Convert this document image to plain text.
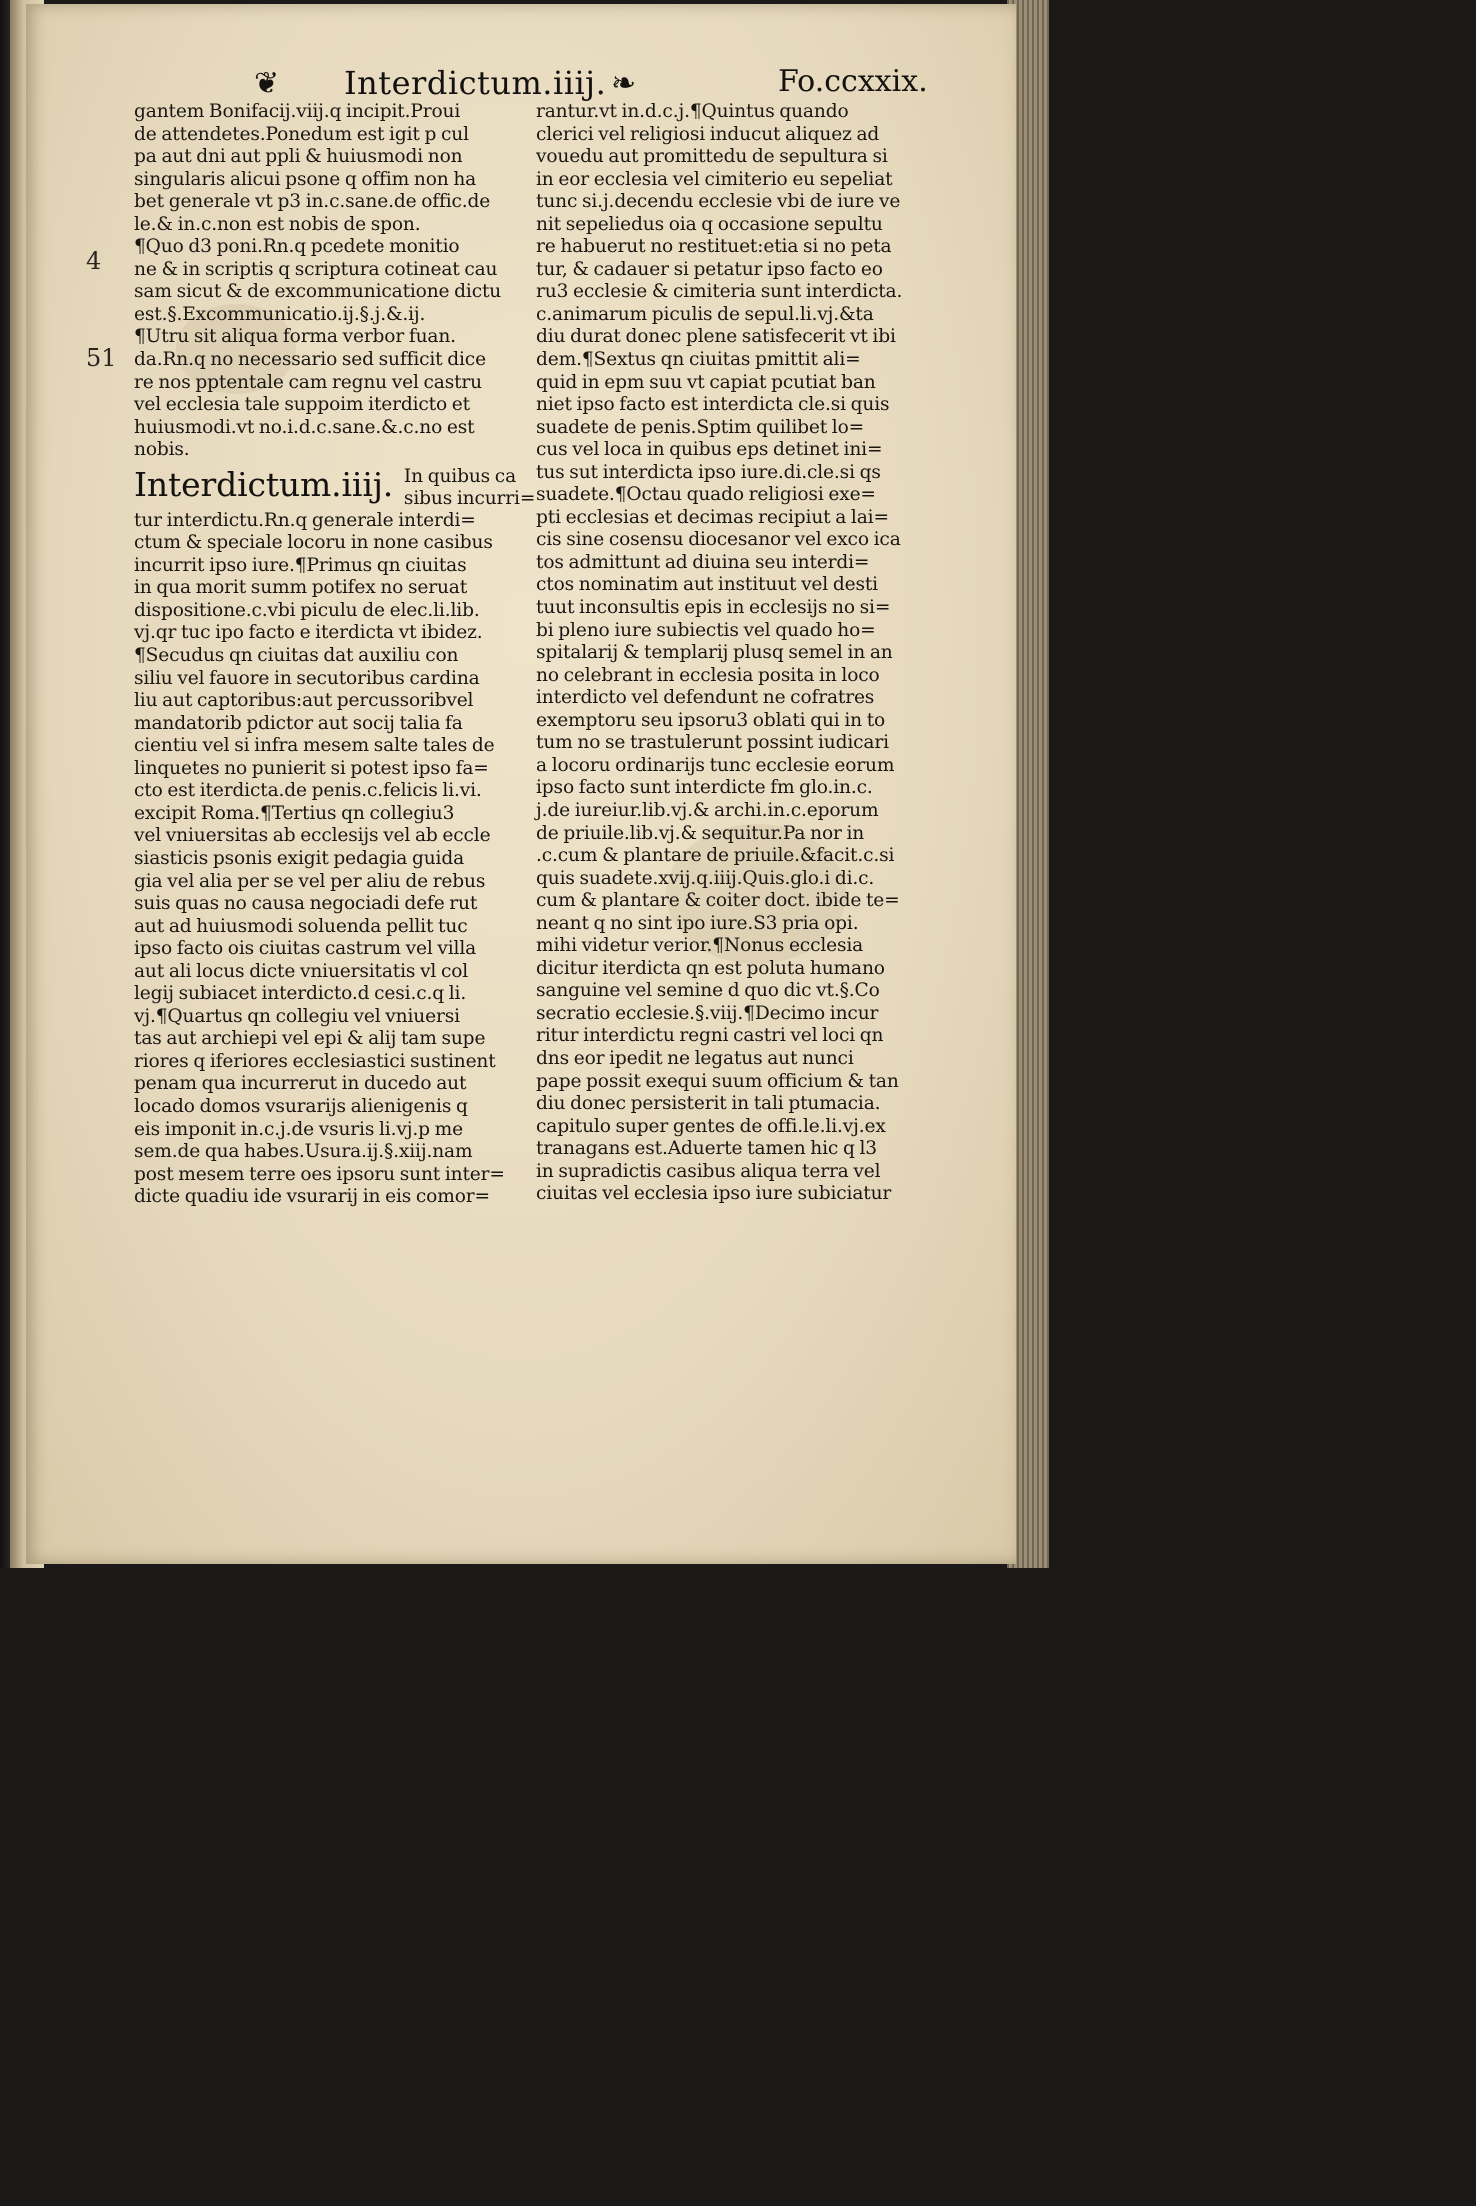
❦ Interdictum.iiij. ❧	Fo.ccxxix.
4
51

gantem Bonifacij.viij.q incipit.Proui

de attendetes.Ponedum est igit p cul

pa aut dni aut ppli & huiusmodi non

singularis alicui psone q offim non ha

bet generale vt p3 in.c.sane.de offic.de

le.& in.c.non est nobis de spon.

¶Quo d3 poni.Rn.q pcedete monitio

ne & in scriptis q scriptura cotineat cau

sam sicut & de excommunicatione dictu

est.§.Excommunicatio.ij.§.j.&.ij.

¶Utru sit aliqua forma verbor fuan.

da.Rn.q no necessario sed sufficit dice

re nos pptentale cam regnu vel castru

vel ecclesia tale suppoim iterdicto et

huiusmodi.vt no.i.d.c.sane.&.c.no est

nobis.

Interdictum.iiij. In quibus ca
sibus incurri=

tur interdictu.Rn.q generale interdi=

ctum & speciale locoru in none casibus

incurrit ipso iure.¶Primus qn ciuitas

in qua morit summ potifex no seruat

dispositione.c.vbi piculu de elec.li.lib.

vj.qr tuc ipo facto e iterdicta vt ibidez.

¶Secudus qn ciuitas dat auxiliu con

siliu vel fauore in secutoribus cardina

liu aut captoribus:aut percussoribvel

mandatorib pdictor aut socij talia fa

cientiu vel si infra mesem salte tales de

linquetes no punierit si potest ipso fa=

cto est iterdicta.de penis.c.felicis li.vi.

excipit Roma.¶Tertius qn collegiu3

vel vniuersitas ab ecclesijs vel ab eccle

siasticis psonis exigit pedagia guida

gia vel alia per se vel per aliu de rebus

suis quas no causa negociadi defe rut

aut ad huiusmodi soluenda pellit tuc

ipso facto ois ciuitas castrum vel villa

aut ali locus dicte vniuersitatis vl col

legij subiacet interdicto.d cesi.c.q li.

vj.¶Quartus qn collegiu vel vniuersi

tas aut archiepi vel epi & alij tam supe

riores q iferiores ecclesiastici sustinent

penam qua incurrerut in ducedo aut

locado domos vsurarijs alienigenis q

eis imponit in.c.j.de vsuris li.vj.p me

sem.de qua habes.Usura.ij.§.xiij.nam

post mesem terre oes ipsoru sunt inter=

dicte quadiu ide vsurarij in eis comor=

rantur.vt in.d.c.j.¶Quintus quando

clerici vel religiosi inducut aliquez ad

vouedu aut promittedu de sepultura si

in eor ecclesia vel cimiterio eu sepeliat

tunc si.j.decendu ecclesie vbi de iure ve

nit sepeliedus oia q occasione sepultu

re habuerut no restituet:etia si no peta

tur, & cadauer si petatur ipso facto eo

ru3 ecclesie & cimiteria sunt interdicta.

c.animarum piculis de sepul.li.vj.&ta

diu durat donec plene satisfecerit vt ibi

dem.¶Sextus qn ciuitas pmittit ali=

quid in epm suu vt capiat pcutiat ban

niet ipso facto est interdicta cle.si quis

suadete de penis.Sptim quilibet lo=

cus vel loca in quibus eps detinet ini=

tus sut interdicta ipso iure.di.cle.si qs

suadete.¶Octau quado religiosi exe=

pti ecclesias et decimas recipiut a lai=

cis sine cosensu diocesanor vel exco ica

tos admittunt ad diuina seu interdi=

ctos nominatim aut instituut vel desti

tuut inconsultis epis in ecclesijs no si=

bi pleno iure subiectis vel quado ho=

spitalarij & templarij plusq semel in an

no celebrant in ecclesia posita in loco

interdicto vel defendunt ne cofratres

exemptoru seu ipsoru3 oblati qui in to

tum no se trastulerunt possint iudicari

a locoru ordinarijs tunc ecclesie eorum

ipso facto sunt interdicte fm glo.in.c.

j.de iureiur.lib.vj.& archi.in.c.eporum

de priuile.lib.vj.& sequitur.Pa nor in

.c.cum & plantare de priuile.&facit.c.si

quis suadete.xvij.q.iiij.Quis.glo.i di.c.

cum & plantare & coiter doct. ibide te=

neant q no sint ipo iure.S3 pria opi.

mihi videtur verior.¶Nonus ecclesia

dicitur iterdicta qn est poluta humano

sanguine vel semine d quo dic vt.§.Co

secratio ecclesie.§.viij.¶Decimo incur

ritur interdictu regni castri vel loci qn

dns eor ipedit ne legatus aut nunci

pape possit exequi suum officium & tan

diu donec persisterit in tali ptumacia.

capitulo super gentes de offi.le.li.vj.ex

tranagans est.Aduerte tamen hic q l3

in supradictis casibus aliqua terra vel

ciuitas vel ecclesia ipso iure subiciatur
